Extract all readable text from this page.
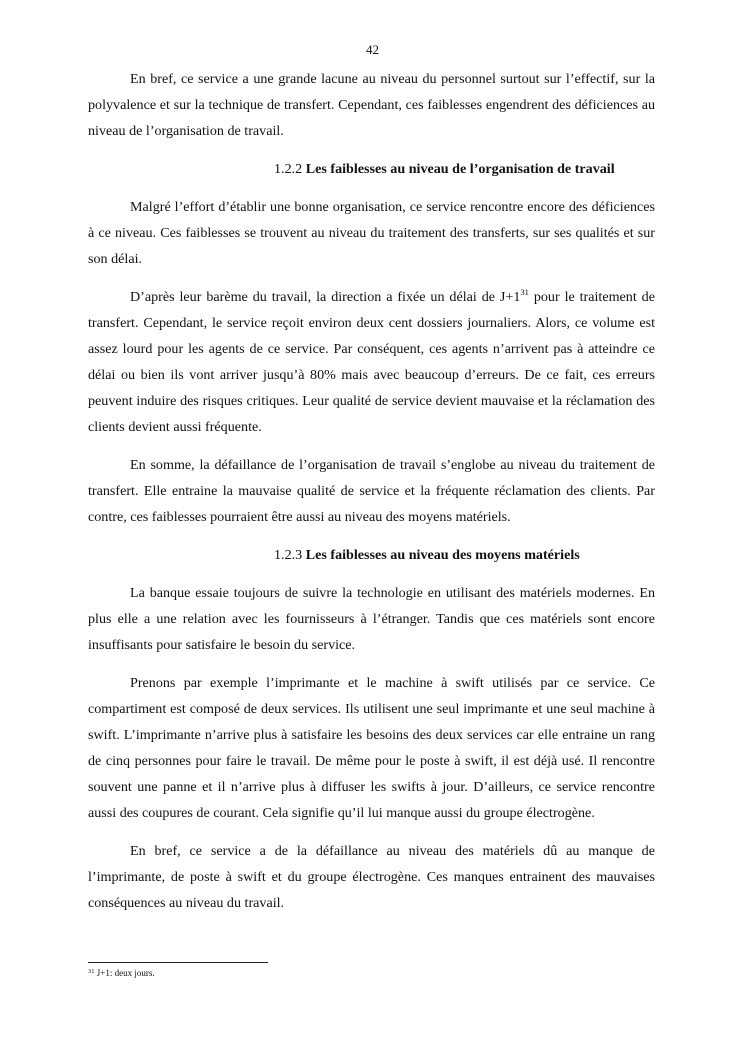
42

En bref, ce service a une grande lacune au niveau du personnel surtout sur l’effectif, sur la polyvalence et sur la technique de transfert. Cependant, ces faiblesses engendrent des déficiences au niveau de l’organisation de travail.

1.2.2 Les faiblesses au niveau de l’organisation de travail

Malgré l’effort d’établir une bonne organisation, ce service rencontre encore des déficiences à ce niveau. Ces faiblesses se trouvent au niveau du traitement des transferts, sur ses qualités et sur son délai.

D’après leur barème du travail, la direction a fixée un délai de J+1$^{31}$ pour le traitement de transfert. Cependant, le service reçoit environ deux cent dossiers journaliers. Alors, ce volume est assez lourd pour les agents de ce service. Par conséquent, ces agents n’arrivent pas à atteindre ce délai ou bien ils vont arriver jusqu’à 80% mais avec beaucoup d’erreurs. De ce fait, ces erreurs peuvent induire des risques critiques. Leur qualité de service devient mauvaise et la réclamation des clients devient aussi fréquente.

En somme, la défaillance de l’organisation de travail s’englobe au niveau du traitement de transfert. Elle entraine la mauvaise qualité de service et la fréquente réclamation des clients. Par contre, ces faiblesses pourraient être aussi au niveau des moyens matériels.

1.2.3 Les faiblesses au niveau des moyens matériels

La banque essaie toujours de suivre la technologie en utilisant des matériels modernes. En plus elle a une relation avec les fournisseurs à l’étranger. Tandis que ces matériels sont encore insuffisants pour satisfaire le besoin du service.

Prenons par exemple l’imprimante et le machine à swift utilisés par ce service. Ce compartiment est composé de deux services. Ils utilisent une seul imprimante et une seul machine à swift. L’imprimante n’arrive plus à satisfaire les besoins des deux services car elle entraine un rang de cinq personnes pour faire le travail. De même pour le poste à swift, il est déjà usé. Il rencontre souvent une panne et il n’arrive plus à diffuser les swifts à jour. D’ailleurs, ce service rencontre aussi des coupures de courant. Cela signifie qu’il lui manque aussi du groupe électrogène.

En bref, ce service a de la défaillance au niveau des matériels dû au manque de l’imprimante, de poste à swift et du groupe électrogène. Ces manques entrainent des mauvaises conséquences au niveau du travail.

$^{31}$ J+1: deux jours.
